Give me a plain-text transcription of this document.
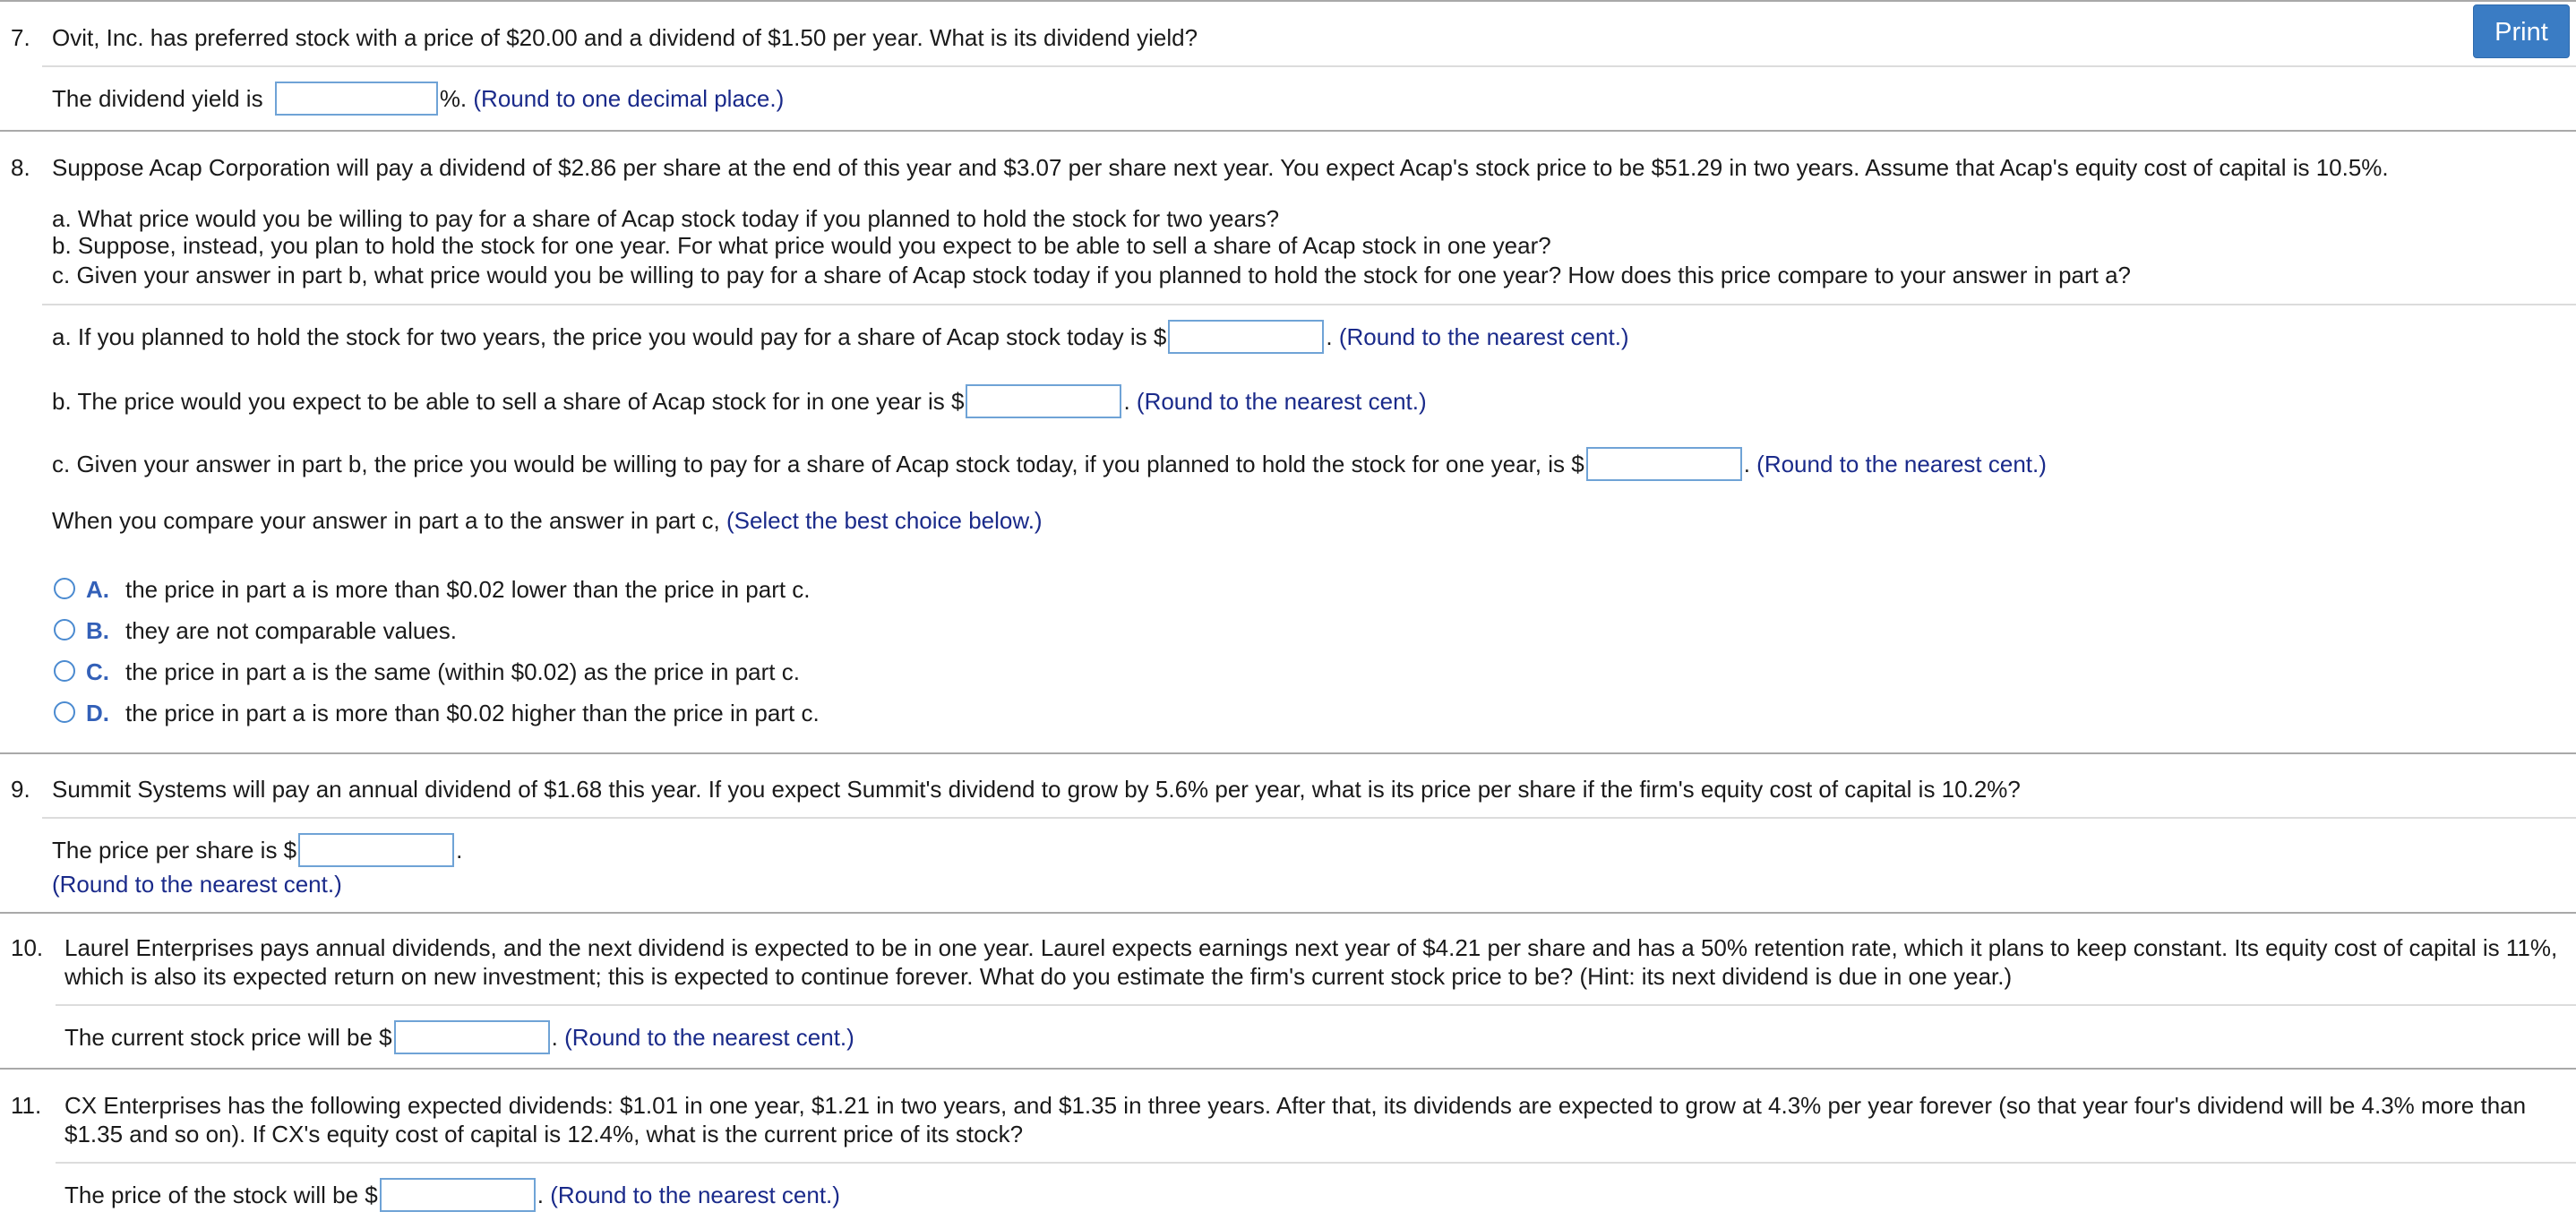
Print
7. Ovit, Inc. has preferred stock with a price of $20.00 and a dividend of $1.50 per year. What is its dividend yield?
The dividend yield is	%. (Round to one decimal place.)
8. Suppose Acap Corporation will pay a dividend of $2.86 per share at the end of this year and $3.07 per share next year. You expect Acap's stock price to be $51.29 in two years. Assume that Acap's equity cost of capital is 10.5%.
a. What price would you be willing to pay for a share of Acap stock today if you planned to hold the stock for two years?
b. Suppose, instead, you plan to hold the stock for one year. For what price would you expect to be able to sell a share of Acap stock in one year?
c. Given your answer in part b, what price would you be willing to pay for a share of Acap stock today if you planned to hold the stock for one year? How does this price compare to your answer in part a?
a. If you planned to hold the stock for two years, the price you would pay for a share of Acap stock today is $	. (Round to the nearest cent.)
b. The price would you expect to be able to sell a share of Acap stock for in one year is $	. (Round to the nearest cent.)
c. Given your answer in part b, the price you would be willing to pay for a share of Acap stock today, if you planned to hold the stock for one year, is $	. (Round to the nearest cent.)
When you compare your answer in part a to the answer in part c, (Select the best choice below.)
A. the price in part a is more than $0.02 lower than the price in part c.
B. they are not comparable values.
C. the price in part a is the same (within $0.02) as the price in part c.
D. the price in part a is more than $0.02 higher than the price in part c.
9. Summit Systems will pay an annual dividend of $1.68 this year. If you expect Summit's dividend to grow by 5.6% per year, what is its price per share if the firm's equity cost of capital is 10.2%?
The price per share is $	.
(Round to the nearest cent.)
10. Laurel Enterprises pays annual dividends, and the next dividend is expected to be in one year. Laurel expects earnings next year of $4.21 per share and has a 50% retention rate, which it plans to keep constant. Its equity cost of capital is 11%,
which is also its expected return on new investment; this is expected to continue forever. What do you estimate the firm's current stock price to be? (Hint: its next dividend is due in one year.)
The current stock price will be $	. (Round to the nearest cent.)
11. CX Enterprises has the following expected dividends: $1.01 in one year, $1.21 in two years, and $1.35 in three years. After that, its dividends are expected to grow at 4.3% per year forever (so that year four's dividend will be 4.3% more than
$1.35 and so on). If CX's equity cost of capital is 12.4%, what is the current price of its stock?
The price of the stock will be $	. (Round to the nearest cent.)
